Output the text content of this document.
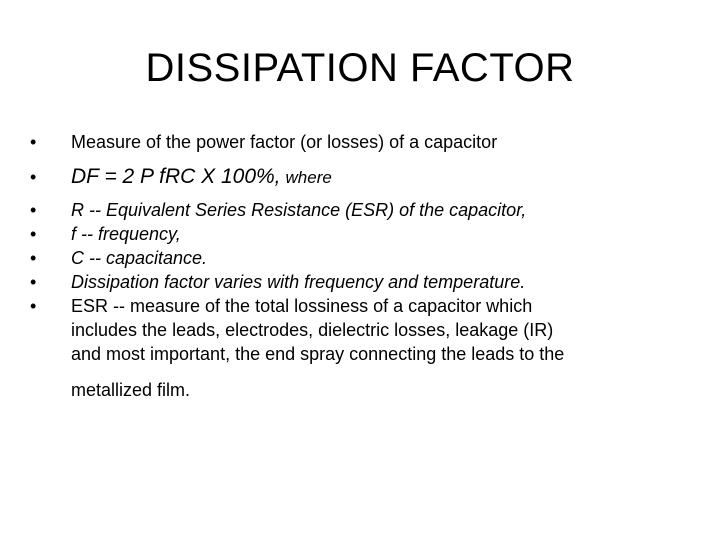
DISSIPATION FACTOR
•	Measure of the power factor (or losses) of a capacitor
•	DF = 2 P fRC X 100%, where
•	R -- Equivalent Series Resistance (ESR) of the capacitor,
•	f -- frequency,
•	C -- capacitance.
•	Dissipation factor varies with frequency and temperature.
•	ESR -- measure of the total lossiness of a capacitor which
includes the leads, electrodes, dielectric losses, leakage (IR)
and most important, the end spray connecting the leads to the
metallized film.
